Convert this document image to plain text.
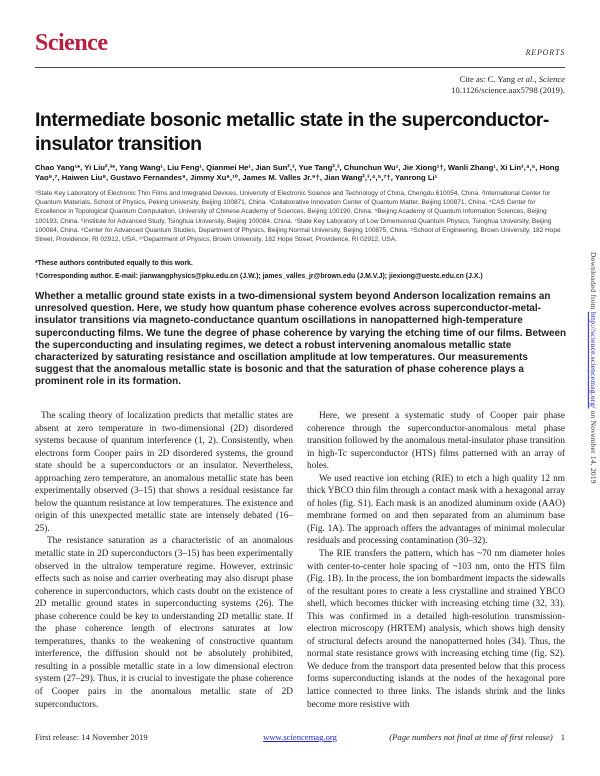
Science	REPORTS
Cite as: C. Yang et al., Science
10.1126/science.aax5798 (2019).
Intermediate bosonic metallic state in the superconductor-
insulator transition
Chao Yang¹*, Yi Liu²,³*, Yang Wang¹, Liu Feng¹, Qianmei He¹, Jian Sun²,³, Yue Tang²,³, Chunchun Wu¹, Jie Xiong¹†, Wanli Zhang¹, Xi Lin³,⁴,⁵, Hong Yao⁶,⁷, Haiwen Liu⁸, Gustavo Fernandes⁹, Jimmy Xu⁹,¹⁰, James M. Valles Jr.⁹†, Jian Wang²,³,⁴,⁵,⁷†, Yanrong Li¹
¹State Key Laboratory of Electronic Thin Films and Integrated Devices, University of Electronic Science and Technology of China, Chengdu 610054, China. ²International Center for Quantum Materials, School of Physics, Peking University, Beijing 100871, China. ³Collaborative Innovation Center of Quantum Matter, Beijing 100871, China. ⁴CAS Center for Excellence in Topological Quantum Computation, University of Chinese Academy of Sciences, Beijing 100190, China. ⁵Beijing Academy of Quantum Information Sciences, Beijing 100193, China. ⁶Institute for Advanced Study, Tsinghua University, Beijing 100084, China. ⁷State Key Laboratory of Low Dimensional Quantum Physics, Tsinghua University, Beijing 100084, China. ⁸Center for Advanced Quantum Studies, Department of Physics, Beijing Normal University, Beijing 100875, China. ⁹School of Engineering, Brown University, 182 Hope Street, Providence, RI 02912, USA. ¹⁰Department of Physics, Brown University, 182 Hope Street, Providence, RI 02912, USA.
*These authors contributed equally to this work.
†Corresponding author. E-mail: jianwangphysics@pku.edu.cn (J.W.); james_valles_jr@brown.edu (J.M.V.J); jiexiong@uestc.edu.cn (J.X.)
Whether a metallic ground state exists in a two-dimensional system beyond Anderson localization remains an unresolved question. Here, we study how quantum phase coherence evolves across superconductor-metal-insulator transitions via magneto-conductance quantum oscillations in nanopatterned high-temperature superconducting films. We tune the degree of phase coherence by varying the etching time of our films. Between the superconducting and insulating regimes, we detect a robust intervening anomalous metallic state characterized by saturating resistance and oscillation amplitude at low temperatures. Our measurements suggest that the anomalous metallic state is bosonic and that the saturation of phase coherence plays a prominent role in its formation.

The scaling theory of localization predicts that metallic states are absent at zero temperature in two-dimensional (2D) disordered systems because of quantum interference (1, 2). Consistently, when electrons form Cooper pairs in 2D disordered systems, the ground state should be a superconductors or an insulator. Nevertheless, approaching zero temperature, an anomalous metallic state has been experimentally observed (3–15) that shows a residual resistance far below the quantum resistance at low temperatures. The existence and origin of this unexpected metallic state are intensely debated (16–25).

The resistance saturation as a characteristic of an anomalous metallic state in 2D superconductors (3–15) has been experimentally observed in the ultralow temperature regime. However, extrinsic effects such as noise and carrier overheating may also disrupt phase coherence in superconductors, which casts doubt on the existence of 2D metallic ground states in superconducting systems (26). The phase coherence could be key to understanding 2D metallic state. If the phase coherence length of electrons saturates at low temperatures, thanks to the weakening of constructive quantum interference, the diffusion should not be absolutely prohibited, resulting in a possible metallic state in a low dimensional electron system (27–29). Thus, it is crucial to investigate the phase coherence of Cooper pairs in the anomalous metallic state of 2D superconductors.

Here, we present a systematic study of Cooper pair phase coherence through the superconductor-anomalous metal phase transition followed by the anomalous metal-insulator phase transition in high-Tc superconductor (HTS) films patterned with an array of holes.

We used reactive ion etching (RIE) to etch a high quality 12 nm thick YBCO thin film through a contact mask with a hexagonal array of holes (fig. S1). Each mask is an anodized aluminum oxide (AAO) membrane formed on and then separated from an aluminum base (Fig. 1A). The approach offers the advantages of minimal molecular residuals and processing contamination (30–32).

The RIE transfers the pattern, which has ~70 nm diameter holes with center-to-center hole spacing of ~103 nm, onto the HTS film (Fig. 1B). In the process, the ion bombardment impacts the sidewalls of the resultant pores to create a less crystalline and strained YBCO shell, which becomes thicker with increasing etching time (32, 33). This was confirmed in a detailed high-resolution transmission-electron microscopy (HRTEM) analysis, which shows high density of structural defects around the nanopatterned holes (34). Thus, the normal state resistance grows with increasing etching time (fig. S2). We deduce from the transport data presented below that this process forms superconducting islands at the nodes of the hexagonal pore lattice connected to three links. The islands shrink and the links become more resistive with

First release: 14 November 2019	www.sciencemag.org	(Page numbers not final at time of first release) 1
Downloaded from http://science.sciencemag.org/ on November 14, 2019
